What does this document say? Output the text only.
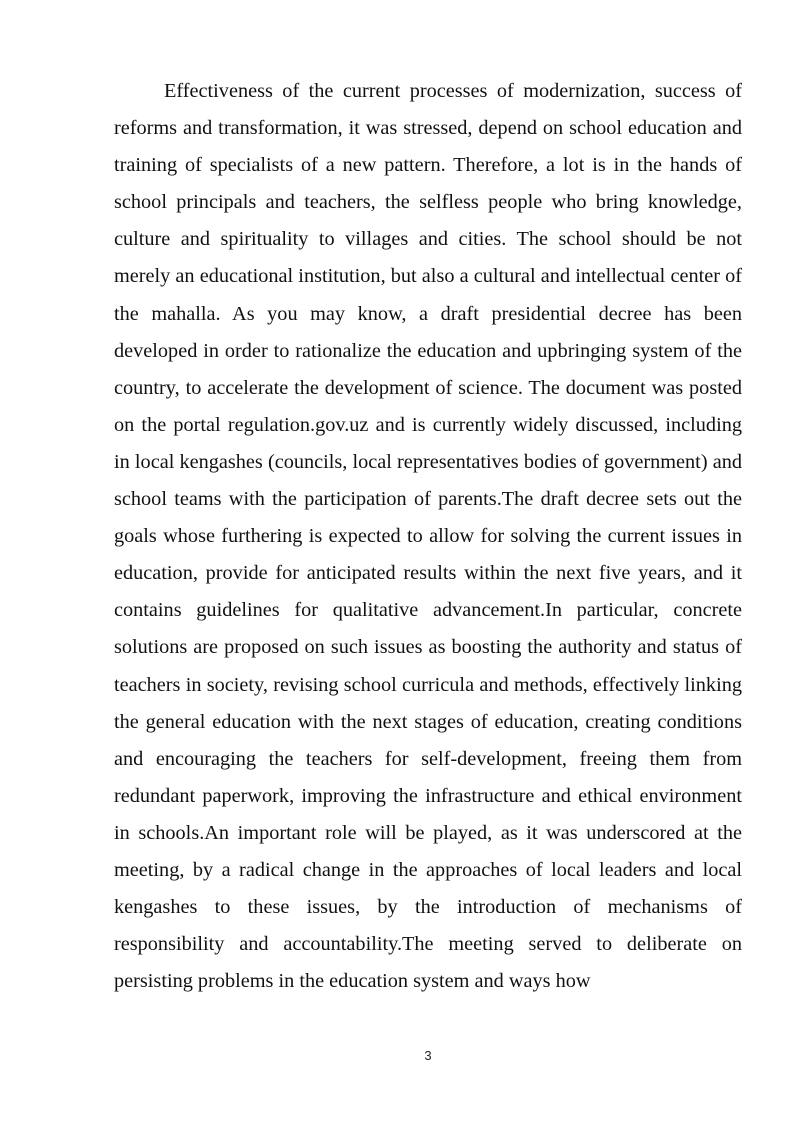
Effectiveness of the current processes of modernization, success of reforms and transformation, it was stressed, depend on school education and training of specialists of a new pattern. Therefore, a lot is in the hands of school principals and teachers, the selfless people who bring knowledge, culture and spirituality to villages and cities. The school should be not merely an educational institution, but also a cultural and intellectual center of the mahalla. As you may know, a draft presidential decree has been developed in order to rationalize the education and upbringing system of the country, to accelerate the development of science. The document was posted on the portal regulation.gov.uz and is currently widely discussed, including in local kengashes (councils, local representatives bodies of government) and school teams with the participation of parents.The draft decree sets out the goals whose furthering is expected to allow for solving the current issues in education, provide for anticipated results within the next five years, and it contains guidelines for qualitative advancement.In particular, concrete solutions are proposed on such issues as boosting the authority and status of teachers in society, revising school curricula and methods, effectively linking the general education with the next stages of education, creating conditions and encouraging the teachers for self-development, freeing them from redundant paperwork, improving the infrastructure and ethical environment in schools.An important role will be played, as it was underscored at the meeting, by a radical change in the approaches of local leaders and local kengashes to these issues, by the introduction of mechanisms of responsibility and accountability.The meeting served to deliberate on persisting problems in the education system and ways how

3
